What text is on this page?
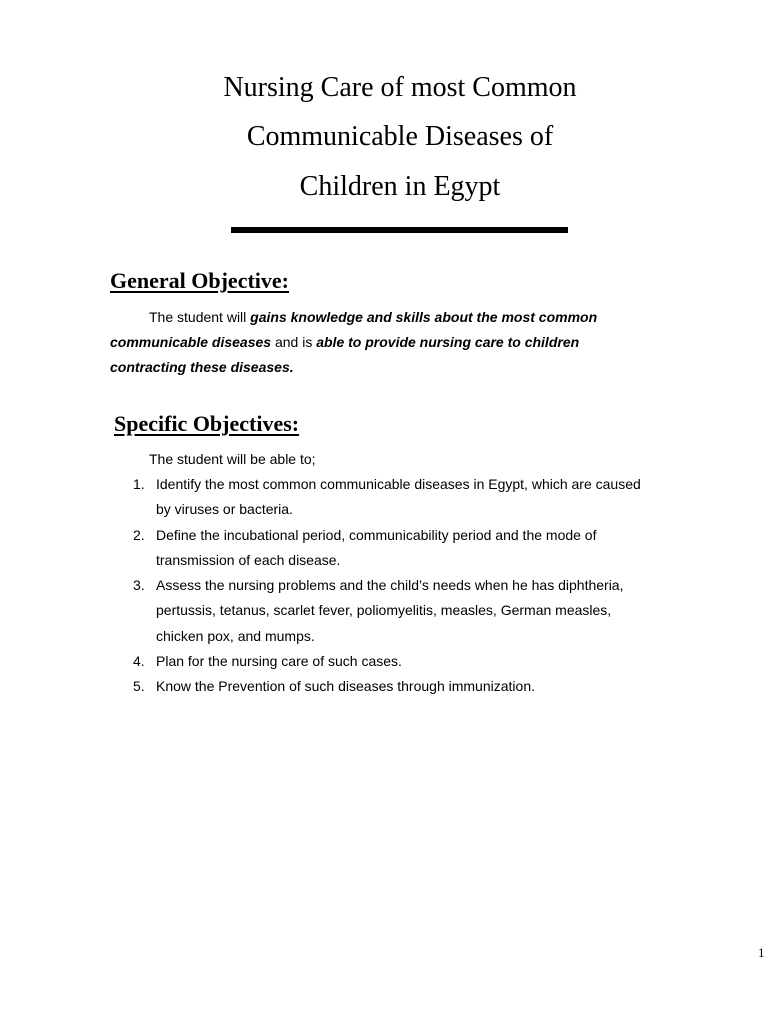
Nursing Care of most Common
Communicable Diseases of
Children in Egypt
General Objective:
The student will gains knowledge and skills about the most common
communicable diseases and is able to provide nursing care to children
contracting these diseases.
Specific Objectives:
The student will be able to;
1. Identify the most common communicable diseases in Egypt, which are caused
by viruses or bacteria.
2. Define the incubational period, communicability period and the mode of
transmission of each disease.
3. Assess the nursing problems and the child’s needs when he has diphtheria,
pertussis, tetanus, scarlet fever, poliomyelitis, measles, German measles,
chicken pox, and mumps.
4. Plan for the nursing care of such cases.
5. Know the Prevention of such diseases through immunization.
1
